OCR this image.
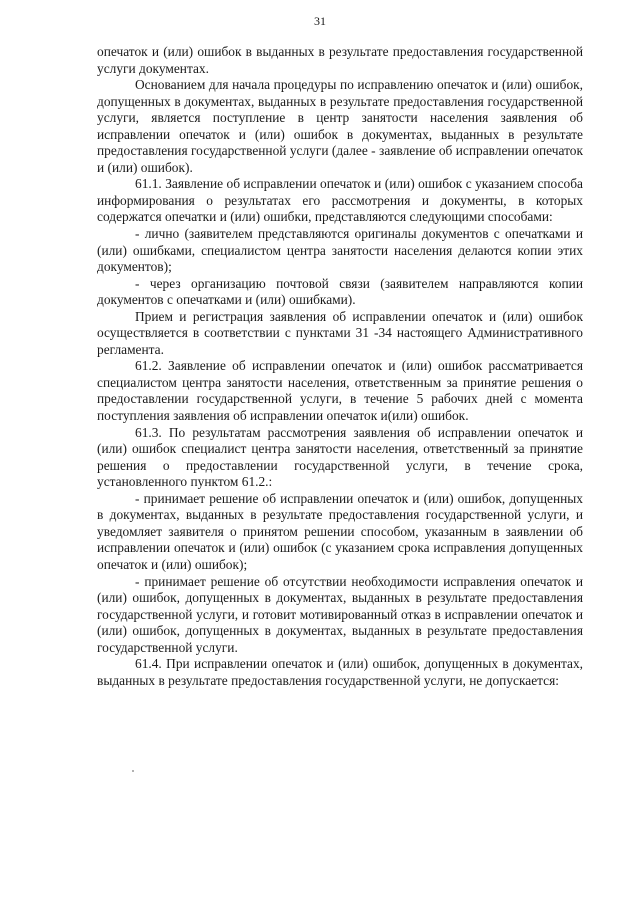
31

опечаток и (или) ошибок в выданных в результате предоставления государственной услуги документах.

Основанием для начала процедуры по исправлению опечаток и (или) ошибок, допущенных в документах, выданных в результате предоставления государственной услуги, является поступление в центр занятости населения заявления об исправлении опечаток и (или) ошибок в документах, выданных в результате предоставления государственной услуги (далее - заявление об исправлении опечаток и (или) ошибок).

61.1. Заявление об исправлении опечаток и (или) ошибок с указанием способа информирования о результатах его рассмотрения и документы, в которых содержатся опечатки и (или) ошибки, представляются следующими способами:

- лично (заявителем представляются оригиналы документов с опечатками и (или) ошибками, специалистом центра занятости населения делаются копии этих документов);

- через организацию почтовой связи (заявителем направляются копии документов с опечатками и (или) ошибками).

Прием и регистрация заявления об исправлении опечаток и (или) ошибок осуществляется в соответствии с пунктами 31 -34 настоящего Административного регламента.

61.2. Заявление об исправлении опечаток и (или) ошибок рассматривается специалистом центра занятости населения, ответственным за принятие решения о предоставлении государственной услуги, в течение 5 рабочих дней с момента поступления заявления об исправлении опечаток и(или) ошибок.

61.3. По результатам рассмотрения заявления об исправлении опечаток и (или) ошибок специалист центра занятости населения, ответственный за принятие решения о предоставлении государственной услуги, в течение срока, установленного пунктом 61.2.:

- принимает решение об исправлении опечаток и (или) ошибок, допущенных в документах, выданных в результате предоставления государственной услуги, и уведомляет заявителя о принятом решении способом, указанным в заявлении об исправлении опечаток и (или) ошибок (с указанием срока исправления допущенных опечаток и (или) ошибок);

- принимает решение об отсутствии необходимости исправления опечаток и (или) ошибок, допущенных в документах, выданных в результате предоставления государственной услуги, и готовит мотивированный отказ в исправлении опечаток и (или) ошибок, допущенных в документах, выданных в результате предоставления государственной услуги.

61.4. При исправлении опечаток и (или) ошибок, допущенных в документах, выданных в результате предоставления государственной услуги, не допускается:
